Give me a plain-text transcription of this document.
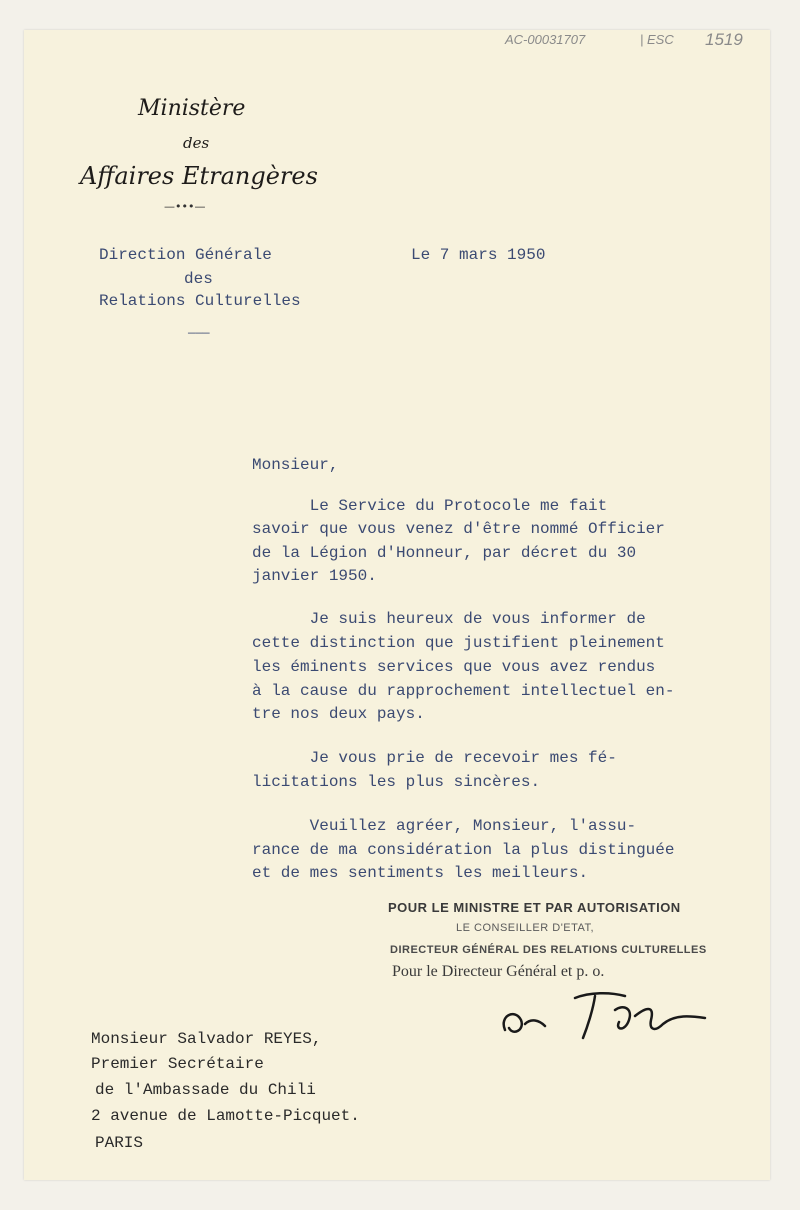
AC-00031707	| ESC 1519
Ministère
des
Affaires Etrangères
—•••—
Direction Générale
des
Relations Culturelles
———
Le 7 mars 1950
Monsieur,
Le Service du Protocole me fait
savoir que vous venez d'être nommé Officier
de la Légion d'Honneur, par décret du 30
janvier 1950.
Je suis heureux de vous informer de
cette distinction que justifient pleinement
les éminents services que vous avez rendus
à la cause du rapprochement intellectuel en-
tre nos deux pays.
Je vous prie de recevoir mes fé-
licitations les plus sincères.
Veuillez agréer, Monsieur, l'assu-
rance de ma considération la plus distinguée
et de mes sentiments les meilleurs.
POUR LE MINISTRE ET PAR AUTORISATION
LE CONSEILLER D'ETAT,
DIRECTEUR GÉNÉRAL DES RELATIONS CULTURELLES
Pour le Directeur Général et p. o.
Monsieur Salvador REYES,
Premier Secrétaire
de l'Ambassade du Chili
2 avenue de Lamotte-Picquet.
PARIS
